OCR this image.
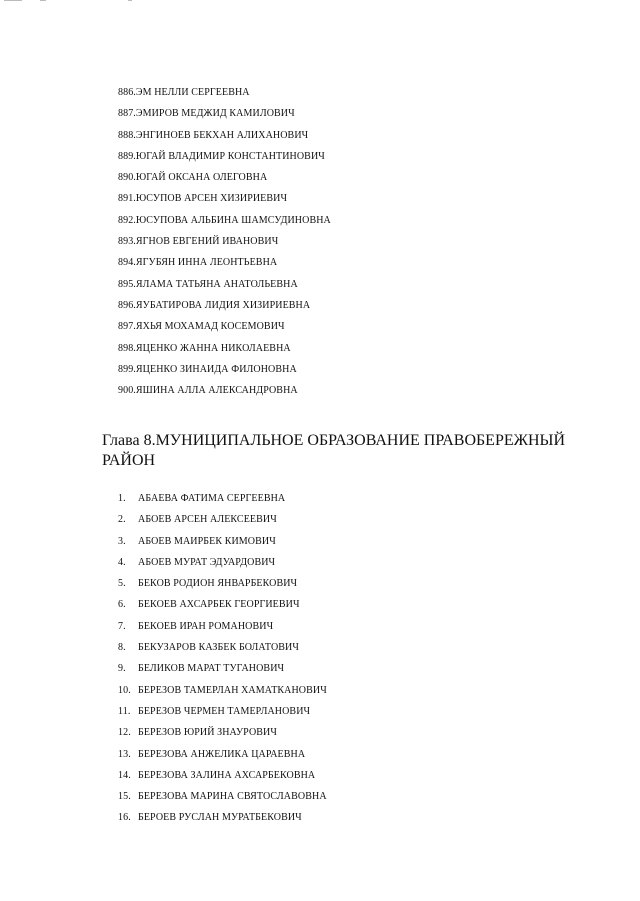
886.ЭМ НЕЛЛИ СЕРГЕЕВНА
887.ЭМИРОВ МЕДЖИД КАМИЛОВИЧ
888.ЭНГИНОЕВ БЕКХАН АЛИХАНОВИЧ
889.ЮГАЙ ВЛАДИМИР КОНСТАНТИНОВИЧ
890.ЮГАЙ ОКСАНА ОЛЕГОВНА
891.ЮСУПОВ АРСЕН ХИЗИРИЕВИЧ
892.ЮСУПОВА АЛЬБИНА ШАМСУДИНОВНА
893.ЯГНОВ ЕВГЕНИЙ ИВАНОВИЧ
894.ЯГУБЯН ИННА ЛЕОНТЬЕВНА
895.ЯЛАМА ТАТЬЯНА АНАТОЛЬЕВНА
896.ЯУБАТИРОВА ЛИДИЯ ХИЗИРИЕВНА
897.ЯХЬЯ МОХАМАД КОСЕМОВИЧ
898.ЯЦЕНКО ЖАННА НИКОЛАЕВНА
899.ЯЦЕНКО ЗИНАИДА ФИЛОНОВНА
900.ЯШИНА АЛЛА АЛЕКСАНДРОВНА
Глава 8.МУНИЦИПАЛЬНОЕ ОБРАЗОВАНИЕ ПРАВОБЕРЕЖНЫЙ РАЙОН
1. АБАЕВА ФАТИМА СЕРГЕЕВНА
2. АБОЕВ АРСЕН АЛЕКСЕЕВИЧ
3. АБОЕВ МАИРБЕК КИМОВИЧ
4. АБОЕВ МУРАТ ЭДУАРДОВИЧ
5. БЕКОВ РОДИОН ЯНВАРБЕКОВИЧ
6. БЕКОЕВ АХСАРБЕК ГЕОРГИЕВИЧ
7. БЕКОЕВ ИРАН РОМАНОВИЧ
8. БЕКУЗАРОВ КАЗБЕК БОЛАТОВИЧ
9. БЕЛИКОВ МАРАТ ТУГАНОВИЧ
10. БЕРЕЗОВ ТАМЕРЛАН ХАМАТКАНОВИЧ
11. БЕРЕЗОВ ЧЕРМЕН ТАМЕРЛАНОВИЧ
12. БЕРЕЗОВ ЮРИЙ ЗНАУРОВИЧ
13. БЕРЕЗОВА АНЖЕЛИКА ЦАРАЕВНА
14. БЕРЕЗОВА ЗАЛИНА АХСАРБЕКОВНА
15. БЕРЕЗОВА МАРИНА СВЯТОСЛАВОВНА
16. БЕРОЕВ РУСЛАН МУРАТБЕКОВИЧ
